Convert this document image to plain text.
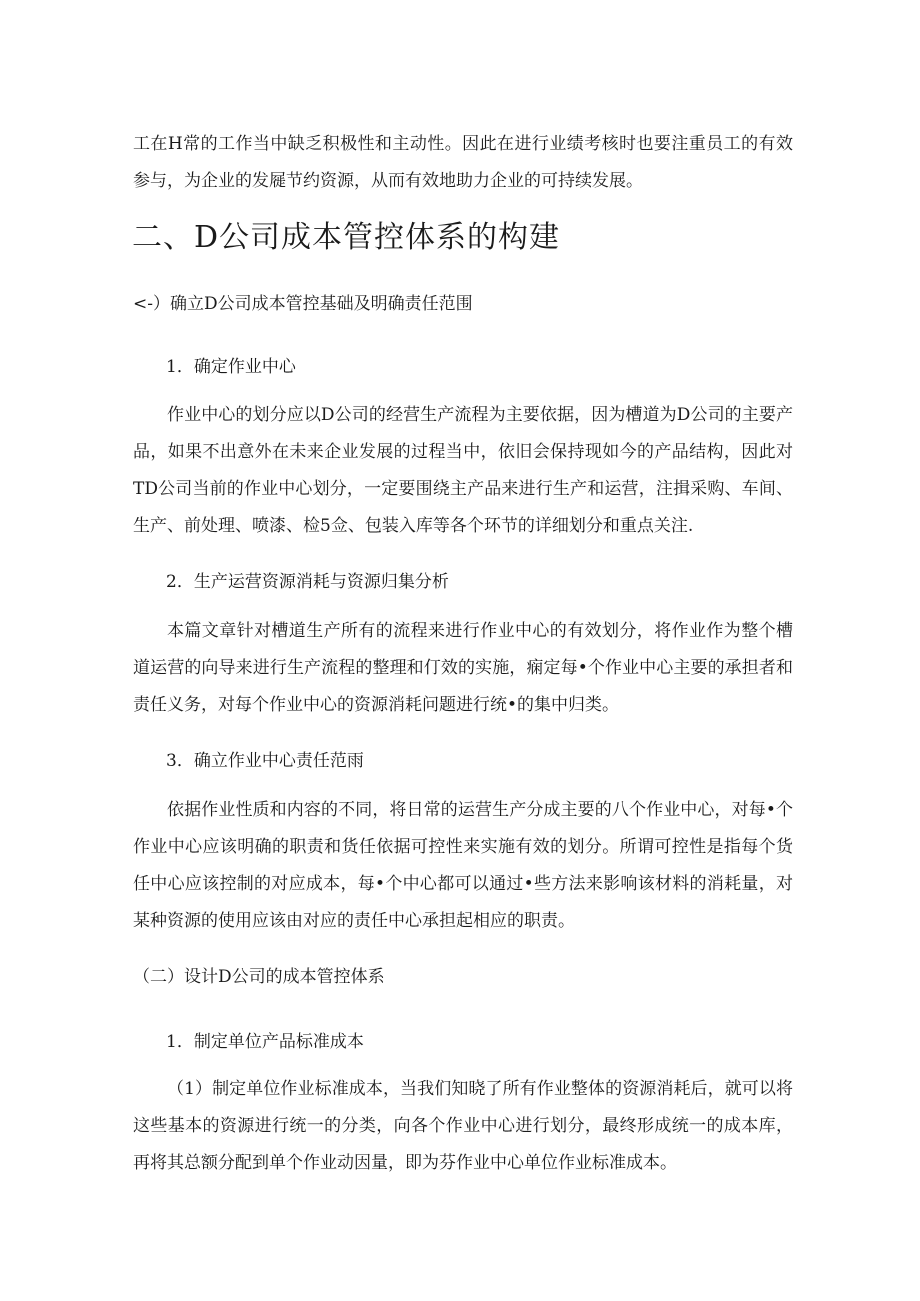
工在H常的工作当中缺乏积极性和主动性。因此在进行业绩考核时也要注重员工的有效参与，为企业的发屣节约资源，从而有效地助力企业的可持续发展。

二、D公司成本管控体系的构建

<-）确立D公司成本管控基础及明确责任范围

1．确定作业中心

作业中心的划分应以D公司的经营生产流程为主要依据，因为槽道为D公司的主要产品，如果不出意外在未来企业发展的过程当中，依旧会保持现如今的产品结构，因此对TD公司当前的作业中心划分，一定要围绕主产品来进行生产和运营，注揖采购、车间、生产、前处理、喷漆、检5佥、包装入库等各个环节的详细划分和重点关注.

2．生产运营资源消耗与资源归集分析

本篇文章针对槽道生产所有的流程来进行作业中心的有效划分，将作业作为整个槽道运营的向导来进行生产流程的整理和仃效的实施，痫定每•个作业中心主要的承担者和责任义务，对每个作业中心的资源消耗问题进行统•的集中归类。

3．确立作业中心责任范雨

依据作业性质和内容的不同，将日常的运营生产分成主要的八个作业中心，对每•个作业中心应该明确的职责和货任依据可控性来实施有效的划分。所谓可控性是指每个货任中心应该控制的对应成本，每•个中心都可以通过•些方法来影响该材料的消耗量，对某种资源的使用应该由对应的责任中心承担起相应的职责。

（二）设计D公司的成本管控体系

1．制定单位产品标准成本

（1）制定单位作业标准成本，当我们知晓了所有作业整体的资源消耗后，就可以将这些基本的资源进行统一的分类，向各个作业中心进行划分，最终形成统一的成本库，再将其总额分配到单个作业动因量，即为芬作业中心单位作业标准成本。
